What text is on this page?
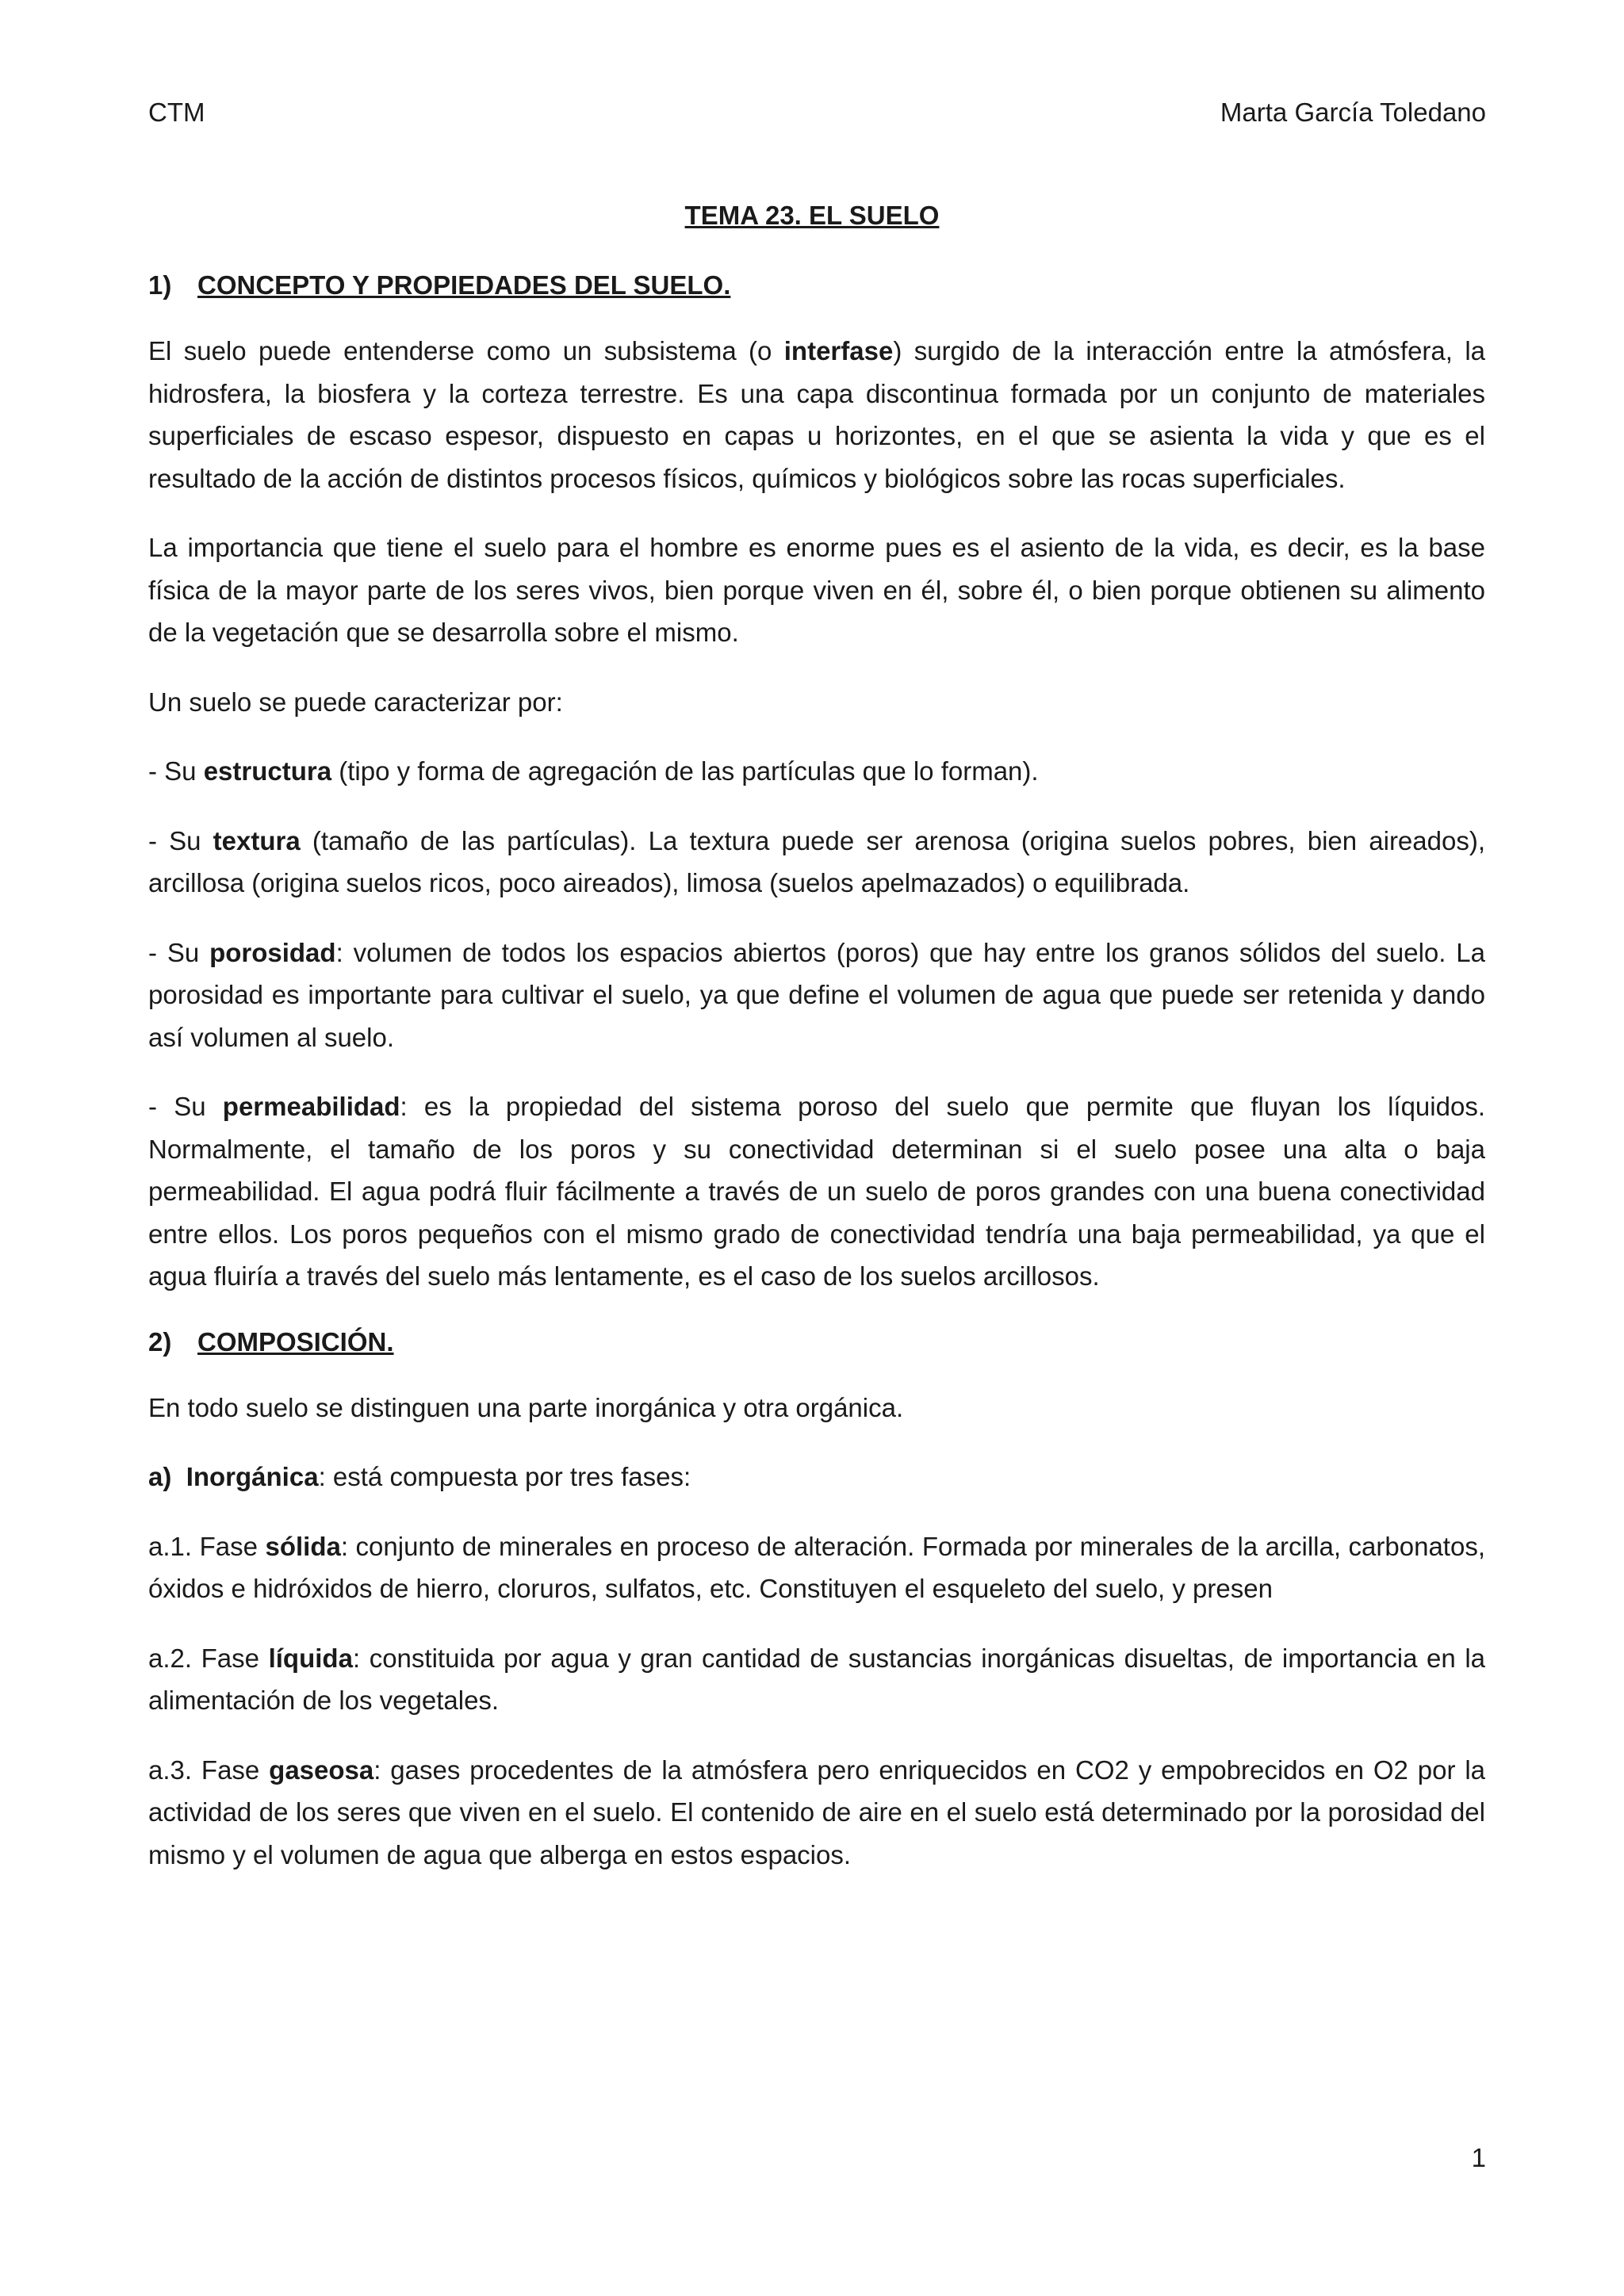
CTM	Marta García Toledano
TEMA 23. EL SUELO
1) CONCEPTO Y PROPIEDADES DEL SUELO.

El suelo puede entenderse como un subsistema (o interfase) surgido de la interacción entre la atmósfera, la hidrosfera, la biosfera y la corteza terrestre. Es una capa discontinua formada por un conjunto de materiales superficiales de escaso espesor, dispuesto en capas u horizontes, en el que se asienta la vida y que es el resultado de la acción de distintos procesos físicos, químicos y biológicos sobre las rocas superficiales.

La importancia que tiene el suelo para el hombre es enorme pues es el asiento de la vida, es decir, es la base física de la mayor parte de los seres vivos, bien porque viven en él, sobre él, o bien porque obtienen su alimento de la vegetación que se desarrolla sobre el mismo.

Un suelo se puede caracterizar por:

- Su estructura (tipo y forma de agregación de las partículas que lo forman).

- Su textura (tamaño de las partículas). La textura puede ser arenosa (origina suelos pobres, bien aireados), arcillosa (origina suelos ricos, poco aireados), limosa (suelos apelmazados) o equilibrada.

- Su porosidad: volumen de todos los espacios abiertos (poros) que hay entre los granos sólidos del suelo. La porosidad es importante para cultivar el suelo, ya que define el volumen de agua que puede ser retenida y dando así volumen al suelo.

- Su permeabilidad: es la propiedad del sistema poroso del suelo que permite que fluyan los líquidos. Normalmente, el tamaño de los poros y su conectividad determinan si el suelo posee una alta o baja permeabilidad. El agua podrá fluir fácilmente a través de un suelo de poros grandes con una buena conectividad entre ellos. Los poros pequeños con el mismo grado de conectividad tendría una baja permeabilidad, ya que el agua fluiría a través del suelo más lentamente, es el caso de los suelos arcillosos.

2) COMPOSICIÓN.

En todo suelo se distinguen una parte inorgánica y otra orgánica.

a)  Inorgánica: está compuesta por tres fases:

a.1. Fase sólida: conjunto de minerales en proceso de alteración. Formada por minerales de la arcilla, carbonatos, óxidos e hidróxidos de hierro, cloruros, sulfatos, etc. Constituyen el esqueleto del suelo, y presen

a.2. Fase líquida: constituida por agua y gran cantidad de sustancias inorgánicas disueltas, de importancia en la alimentación de los vegetales.

a.3. Fase gaseosa: gases procedentes de la atmósfera pero enriquecidos en CO2 y empobrecidos en O2 por la actividad de los seres que viven en el suelo. El contenido de aire en el suelo está determinado por la porosidad del mismo y el volumen de agua que alberga en estos espacios.

1
